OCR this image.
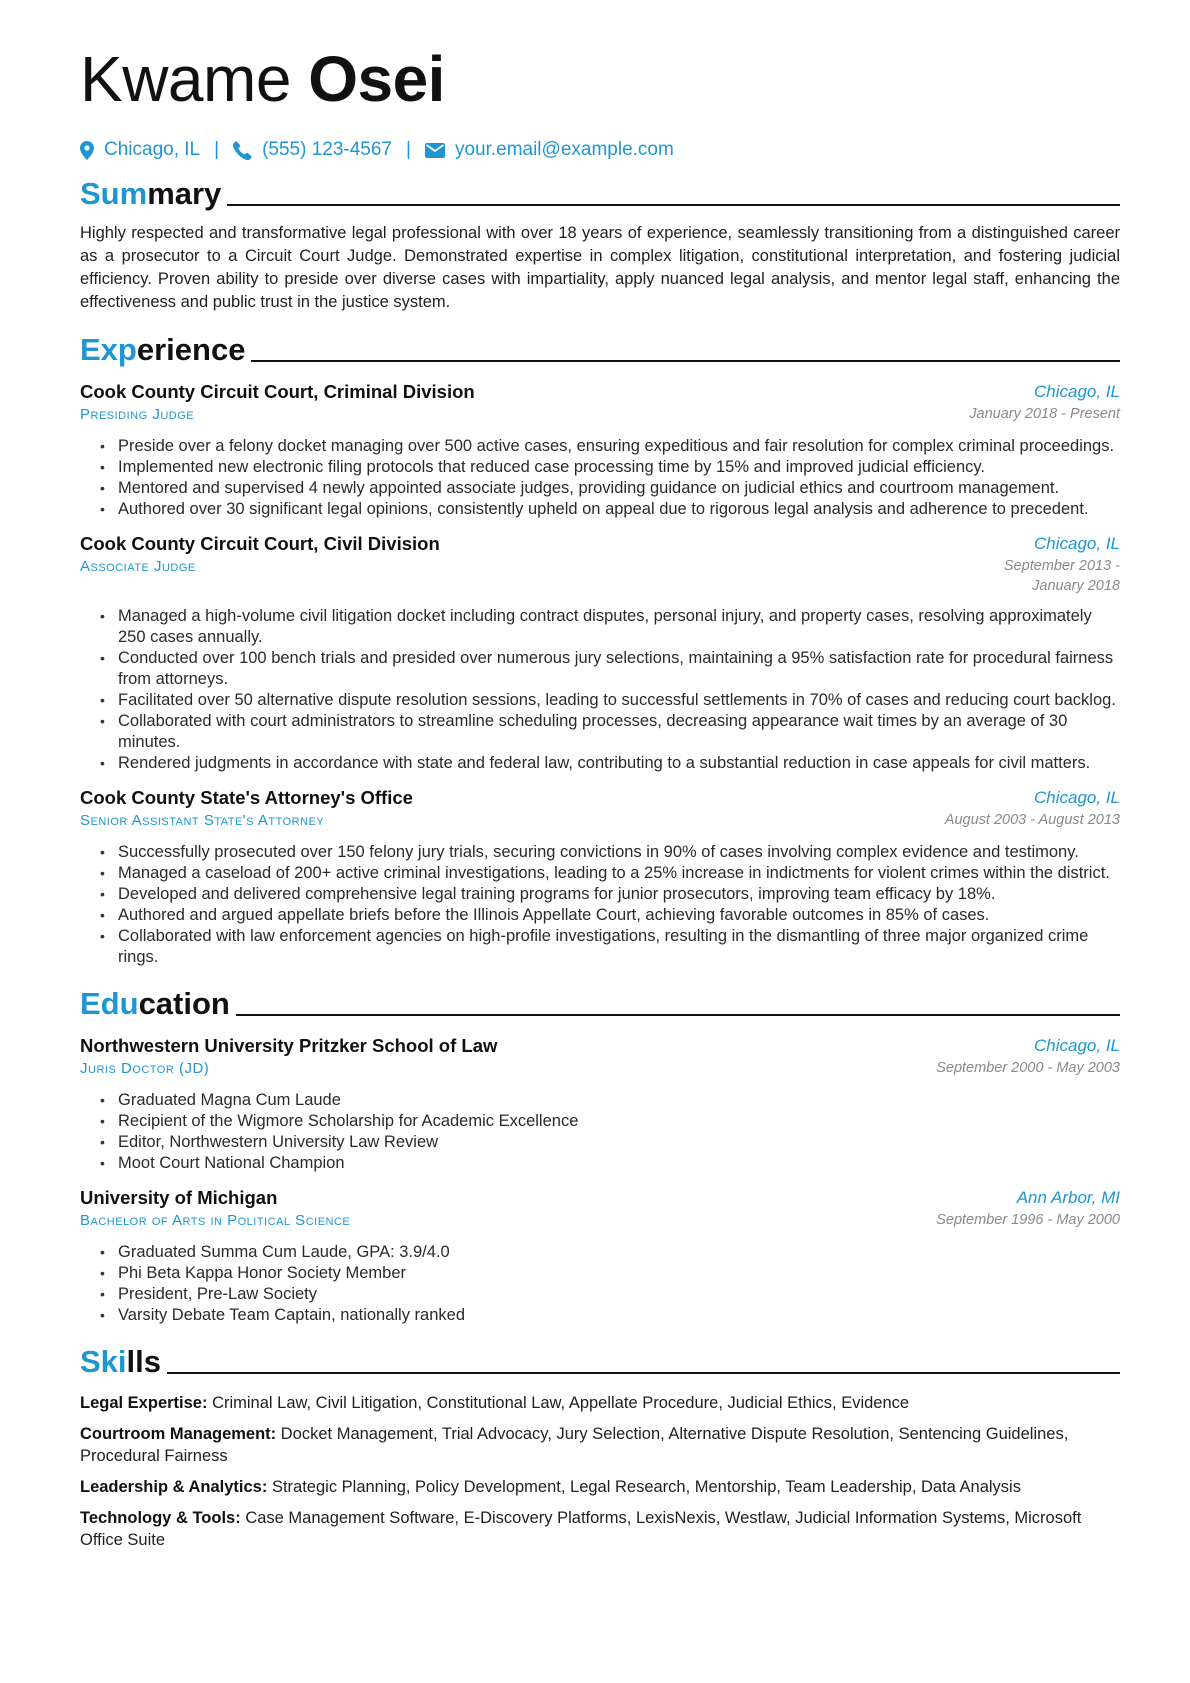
Kwame Osei
Chicago, IL | (555) 123-4567 | your.email@example.com
Summary
Highly respected and transformative legal professional with over 18 years of experience, seamlessly transitioning from a distinguished career as a prosecutor to a Circuit Court Judge. Demonstrated expertise in complex litigation, constitutional interpretation, and fostering judicial efficiency. Proven ability to preside over diverse cases with impartiality, apply nuanced legal analysis, and mentor legal staff, enhancing the effectiveness and public trust in the justice system.
Experience
Cook County Circuit Court, Criminal Division	Chicago, IL
Presiding Judge	January 2018 - Present
• Preside over a felony docket managing over 500 active cases, ensuring expeditious and fair resolution for complex criminal proceedings.
• Implemented new electronic filing protocols that reduced case processing time by 15% and improved judicial efficiency.
• Mentored and supervised 4 newly appointed associate judges, providing guidance on judicial ethics and courtroom management.
• Authored over 30 significant legal opinions, consistently upheld on appeal due to rigorous legal analysis and adherence to precedent.
Cook County Circuit Court, Civil Division	Chicago, IL
Associate Judge	September 2013 - January 2018
• Managed a high-volume civil litigation docket including contract disputes, personal injury, and property cases, resolving approximately 250 cases annually.
• Conducted over 100 bench trials and presided over numerous jury selections, maintaining a 95% satisfaction rate for procedural fairness from attorneys.
• Facilitated over 50 alternative dispute resolution sessions, leading to successful settlements in 70% of cases and reducing court backlog.
• Collaborated with court administrators to streamline scheduling processes, decreasing appearance wait times by an average of 30 minutes.
• Rendered judgments in accordance with state and federal law, contributing to a substantial reduction in case appeals for civil matters.
Cook County State's Attorney's Office	Chicago, IL
Senior Assistant State's Attorney	August 2003 - August 2013
• Successfully prosecuted over 150 felony jury trials, securing convictions in 90% of cases involving complex evidence and testimony.
• Managed a caseload of 200+ active criminal investigations, leading to a 25% increase in indictments for violent crimes within the district.
• Developed and delivered comprehensive legal training programs for junior prosecutors, improving team efficacy by 18%.
• Authored and argued appellate briefs before the Illinois Appellate Court, achieving favorable outcomes in 85% of cases.
• Collaborated with law enforcement agencies on high-profile investigations, resulting in the dismantling of three major organized crime rings.
Education
Northwestern University Pritzker School of Law	Chicago, IL
Juris Doctor (JD)	September 2000 - May 2003
• Graduated Magna Cum Laude
• Recipient of the Wigmore Scholarship for Academic Excellence
• Editor, Northwestern University Law Review
• Moot Court National Champion
University of Michigan	Ann Arbor, MI
Bachelor of Arts in Political Science	September 1996 - May 2000
• Graduated Summa Cum Laude, GPA: 3.9/4.0
• Phi Beta Kappa Honor Society Member
• President, Pre-Law Society
• Varsity Debate Team Captain, nationally ranked
Skills
Legal Expertise: Criminal Law, Civil Litigation, Constitutional Law, Appellate Procedure, Judicial Ethics, Evidence
Courtroom Management: Docket Management, Trial Advocacy, Jury Selection, Alternative Dispute Resolution, Sentencing Guidelines, Procedural Fairness
Leadership & Analytics: Strategic Planning, Policy Development, Legal Research, Mentorship, Team Leadership, Data Analysis
Technology & Tools: Case Management Software, E-Discovery Platforms, LexisNexis, Westlaw, Judicial Information Systems, Microsoft Office Suite
